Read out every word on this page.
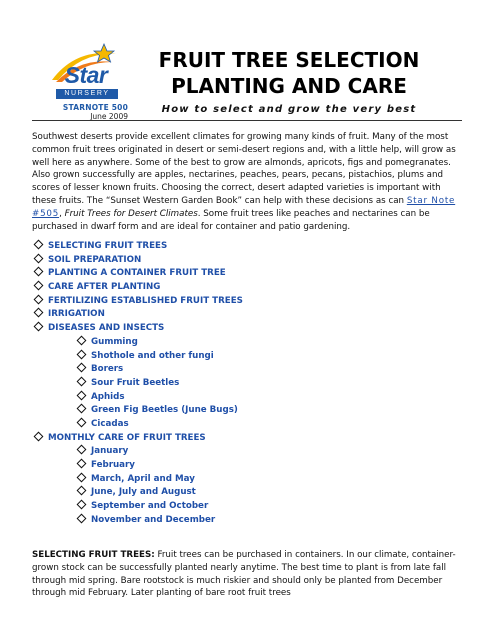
Star
NURSERY
STARNOTE 500
June 2009
FRUIT TREE SELECTION
PLANTING AND CARE
How to select and grow the very best

Southwest deserts provide excellent climates for growing many kinds of fruit. Many of the most common fruit trees originated in desert or semi-desert regions and, with a little help, will grow as well here as anywhere. Some of the best to grow are almonds, apricots, figs and pomegranates. Also grown successfully are apples, nectarines, peaches, pears, pecans, pistachios, plums and scores of lesser known fruits. Choosing the correct, desert adapted varieties is important with these fruits. The “Sunset Western Garden Book” can help with these decisions as can Star Note #505, Fruit Trees for Desert Climates. Some fruit trees like peaches and nectarines can be purchased in dwarf form and are ideal for container and patio gardening.

SELECTING FRUIT TREES
SOIL PREPARATION
PLANTING A CONTAINER FRUIT TREE
CARE AFTER PLANTING
FERTILIZING ESTABLISHED FRUIT TREES
IRRIGATION
DISEASES AND INSECTS
Gumming
Shothole and other fungi
Borers
Sour Fruit Beetles
Aphids
Green Fig Beetles (June Bugs)
Cicadas
MONTHLY CARE OF FRUIT TREES
January
February
March, April and May
June, July and August
September and October
November and December

SELECTING FRUIT TREES: Fruit trees can be purchased in containers. In our climate, container-grown stock can be successfully planted nearly anytime. The best time to plant is from late fall through mid spring. Bare rootstock is much riskier and should only be planted from December through mid February. Later planting of bare root fruit trees
